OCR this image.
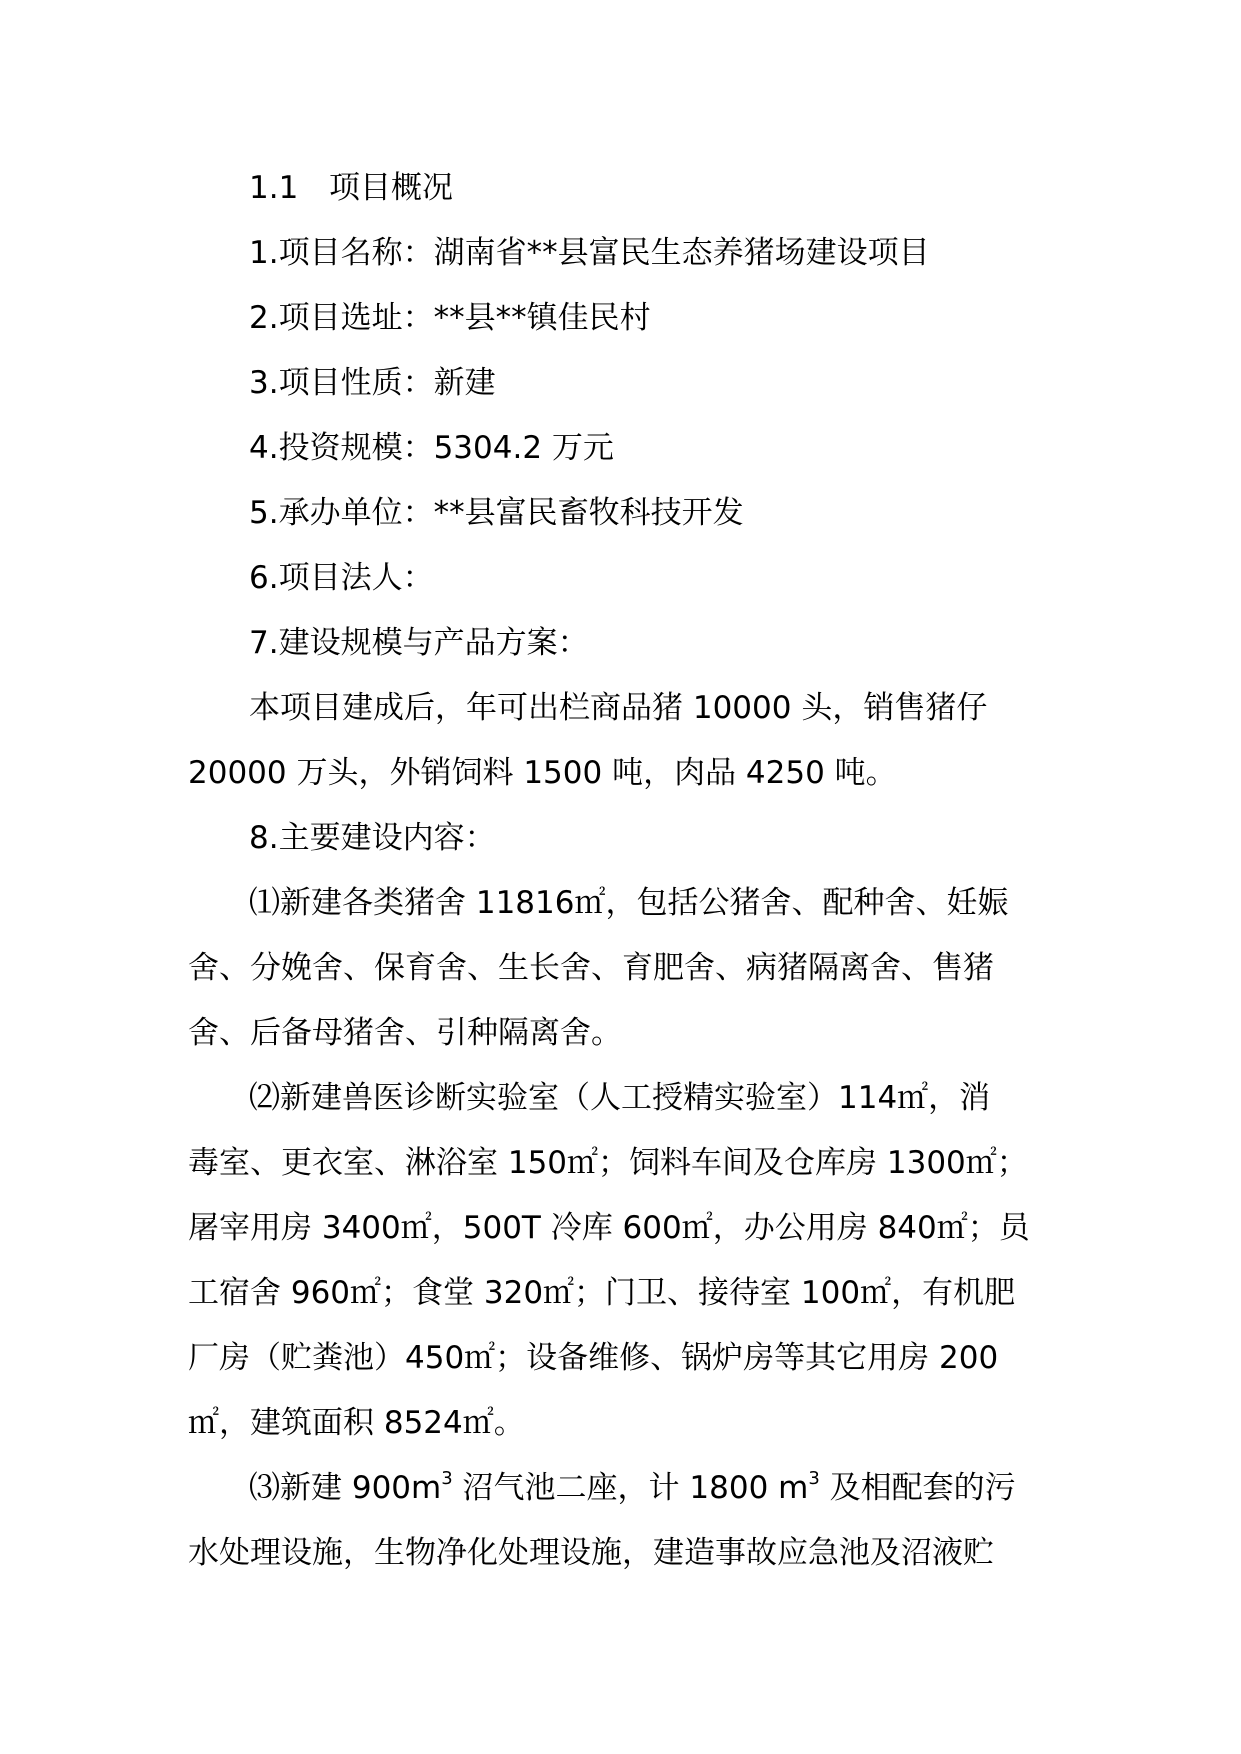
1.1 项目概况
1.项目名称：湖南省**县富民生态养猪场建设项目
2.项目选址：**县**镇佳民村
3.项目性质：新建
4.投资规模：5304.2 万元
5.承办单位：**县富民畜牧科技开发
6.项目法人：
7.建设规模与产品方案：
本项目建成后，年可出栏商品猪 10000 头，销售猪仔
20000 万头，外销饲料 1500 吨，肉品 4250 吨。
8.主要建设内容：
⑴新建各类猪舍 11816㎡，包括公猪舍、配种舍、妊娠
舍、分娩舍、保育舍、生长舍、育肥舍、病猪隔离舍、售猪
舍、后备母猪舍、引种隔离舍。
⑵新建兽医诊断实验室（人工授精实验室）114㎡，消
毒室、更衣室、淋浴室 150㎡；饲料车间及仓库房 1300㎡；
屠宰用房 3400㎡，500T 冷库 600㎡，办公用房 840㎡；员
工宿舍 960㎡；食堂 320㎡；门卫、接待室 100㎡，有机肥
厂房（贮粪池）450㎡；设备维修、锅炉房等其它用房 200
㎡，建筑面积 8524㎡。
⑶新建 $900m^3$ 沼气池二座，计 1800 $m^3$ 及相配套的污
水处理设施，生物净化处理设施，建造事故应急池及沼液贮
